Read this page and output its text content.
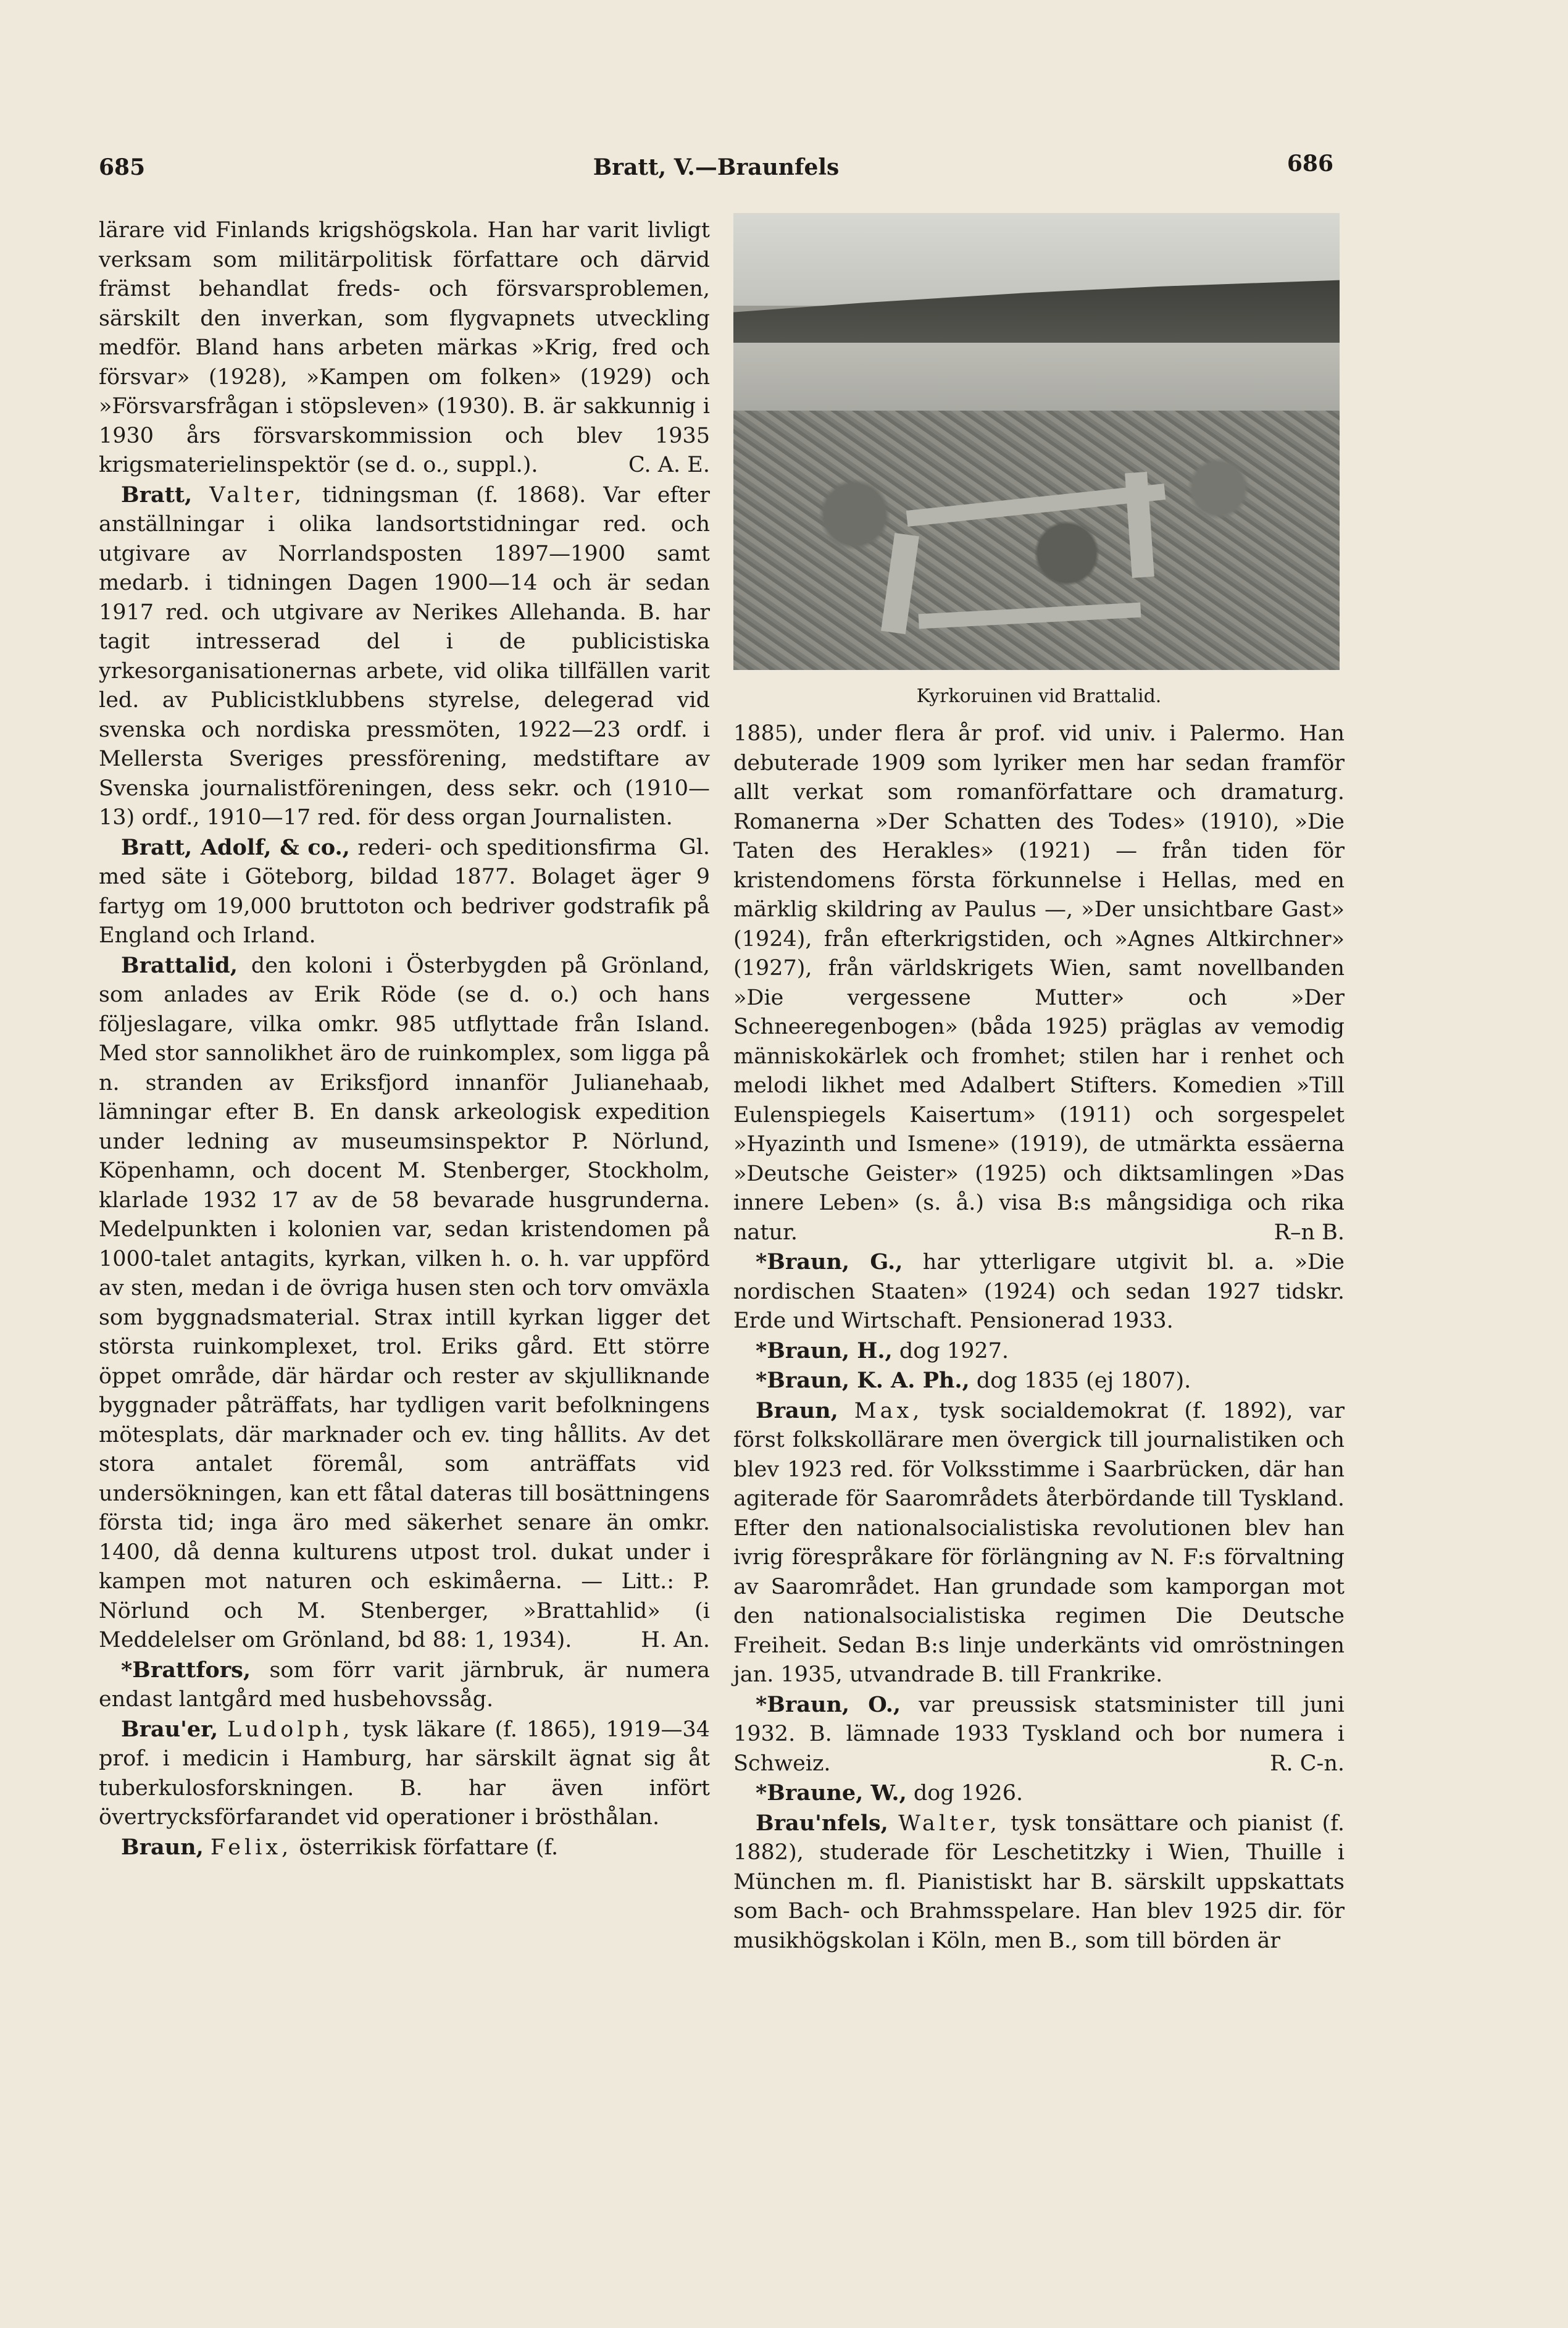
685	Bratt, V.—Braunfels	686

lärare vid Finlands krigshögskola. Han har varit livligt verksam som militärpolitisk författare och därvid främst behandlat freds- och försvarsproblemen, särskilt den inverkan, som flygvapnets utveckling medför. Bland hans arbeten märkas »Krig, fred och försvar» (1928), »Kampen om folken» (1929) och »Försvarsfrågan i stöpsleven» (1930). B. är sakkunnig i 1930 års försvarskommission och blev 1935 krigsmaterielinspektör (se d. o., suppl.).	C. A. E.

Bratt, Valter, tidningsman (f. 1868). Var efter anställningar i olika landsortstidningar red. och utgivare av Norrlandsposten 1897—1900 samt medarb. i tidningen Dagen 1900—14 och är sedan 1917 red. och utgivare av Nerikes Allehanda. B. har tagit intresserad del i de publicistiska yrkesorganisationernas arbete, vid olika tillfällen varit led. av Publicistklubbens styrelse, delegerad vid svenska och nordiska pressmöten, 1922—23 ordf. i Mellersta Sveriges pressförening, medstiftare av Svenska journalistföreningen, dess sekr. och (1910—13) ordf., 1910—17 red. för dess organ Journalisten.
Gl.

Bratt, Adolf, & co., rederi- och speditionsfirma med säte i Göteborg, bildad 1877. Bolaget äger 9 fartyg om 19,000 bruttoton och bedriver godstrafik på England och Irland.

Brattalid, den koloni i Österbygden på Grönland, som anlades av Erik Röde (se d. o.) och hans följeslagare, vilka omkr. 985 utflyttade från Island. Med stor sannolikhet äro de ruinkomplex, som ligga på n. stranden av Eriksfjord innanför Julianehaab, lämningar efter B. En dansk arkeologisk expedition under ledning av museumsinspektor P. Nörlund, Köpenhamn, och docent M. Stenberger, Stockholm, klarlade 1932 17 av de 58 bevarade husgrunderna. Medelpunkten i kolonien var, sedan kristendomen på 1000-talet antagits, kyrkan, vilken h. o. h. var uppförd av sten, medan i de övriga husen sten och torv omväxla som byggnadsmaterial. Strax intill kyrkan ligger det största ruinkomplexet, trol. Eriks gård. Ett större öppet område, där härdar och rester av skjulliknande byggnader påträffats, har tydligen varit befolkningens mötesplats, där marknader och ev. ting hållits. Av det stora antalet föremål, som anträffats vid undersökningen, kan ett fåtal dateras till bosättningens första tid; inga äro med säkerhet senare än omkr. 1400, då denna kulturens utpost trol. dukat under i kampen mot naturen och eskimåerna. — Litt.: P. Nörlund och M. Stenberger, »Brattahlid» (i Meddelelser om Grönland, bd 88: 1, 1934).	H. An.

*Brattfors, som förr varit järnbruk, är numera endast lantgård med husbehovssåg.

Brau'er, Ludolph, tysk läkare (f. 1865), 1919—34 prof. i medicin i Hamburg, har särskilt ägnat sig åt tuberkulosforskningen. B. har även infört övertrycksförfarandet vid operationer i brösthålan.

Braun, Felix, österrikisk författare (f.

Kyrkoruinen vid Brattalid.

1885), under flera år prof. vid univ. i Palermo. Han debuterade 1909 som lyriker men har sedan framför allt verkat som romanförfattare och dramaturg. Romanerna »Der Schatten des Todes» (1910), »Die Taten des Herakles» (1921) — från tiden för kristendomens första förkunnelse i Hellas, med en märklig skildring av Paulus —, »Der unsichtbare Gast» (1924), från efterkrigstiden, och »Agnes Altkirchner» (1927), från världskrigets Wien, samt novellbanden »Die vergessene Mutter» och »Der Schneeregenbogen» (båda 1925) präglas av vemodig människokärlek och fromhet; stilen har i renhet och melodi likhet med Adalbert Stifters. Komedien »Till Eulenspiegels Kaisertum» (1911) och sorgespelet »Hyazinth und Ismene» (1919), de utmärkta essäerna »Deutsche Geister» (1925) och diktsamlingen »Das innere Leben» (s. å.) visa B:s mångsidiga och rika natur.	R–n B.

*Braun, G., har ytterligare utgivit bl. a. »Die nordischen Staaten» (1924) och sedan 1927 tidskr. Erde und Wirtschaft. Pensionerad 1933.

*Braun, H., dog 1927.

*Braun, K. A. Ph., dog 1835 (ej 1807).

Braun, Max, tysk socialdemokrat (f. 1892), var först folkskollärare men övergick till journalistiken och blev 1923 red. för Volksstimme i Saarbrücken, där han agiterade för Saarområdets återbördande till Tyskland. Efter den nationalsocialistiska revolutionen blev han ivrig förespråkare för förlängning av N. F:s förvaltning av Saarområdet. Han grundade som kamporgan mot den nationalsocialistiska regimen Die Deutsche Freiheit. Sedan B:s linje underkänts vid omröstningen jan. 1935, utvandrade B. till Frankrike.

*Braun, O., var preussisk statsminister till juni 1932. B. lämnade 1933 Tyskland och bor numera i Schweiz.	R. C-n.

*Braune, W., dog 1926.

Brau'nfels, Walter, tysk tonsättare och pianist (f. 1882), studerade för Leschetitzky i Wien, Thuille i München m. fl. Pianistiskt har B. särskilt uppskattats som Bach- och Brahmsspelare. Han blev 1925 dir. för musikhögskolan i Köln, men B., som till börden är
